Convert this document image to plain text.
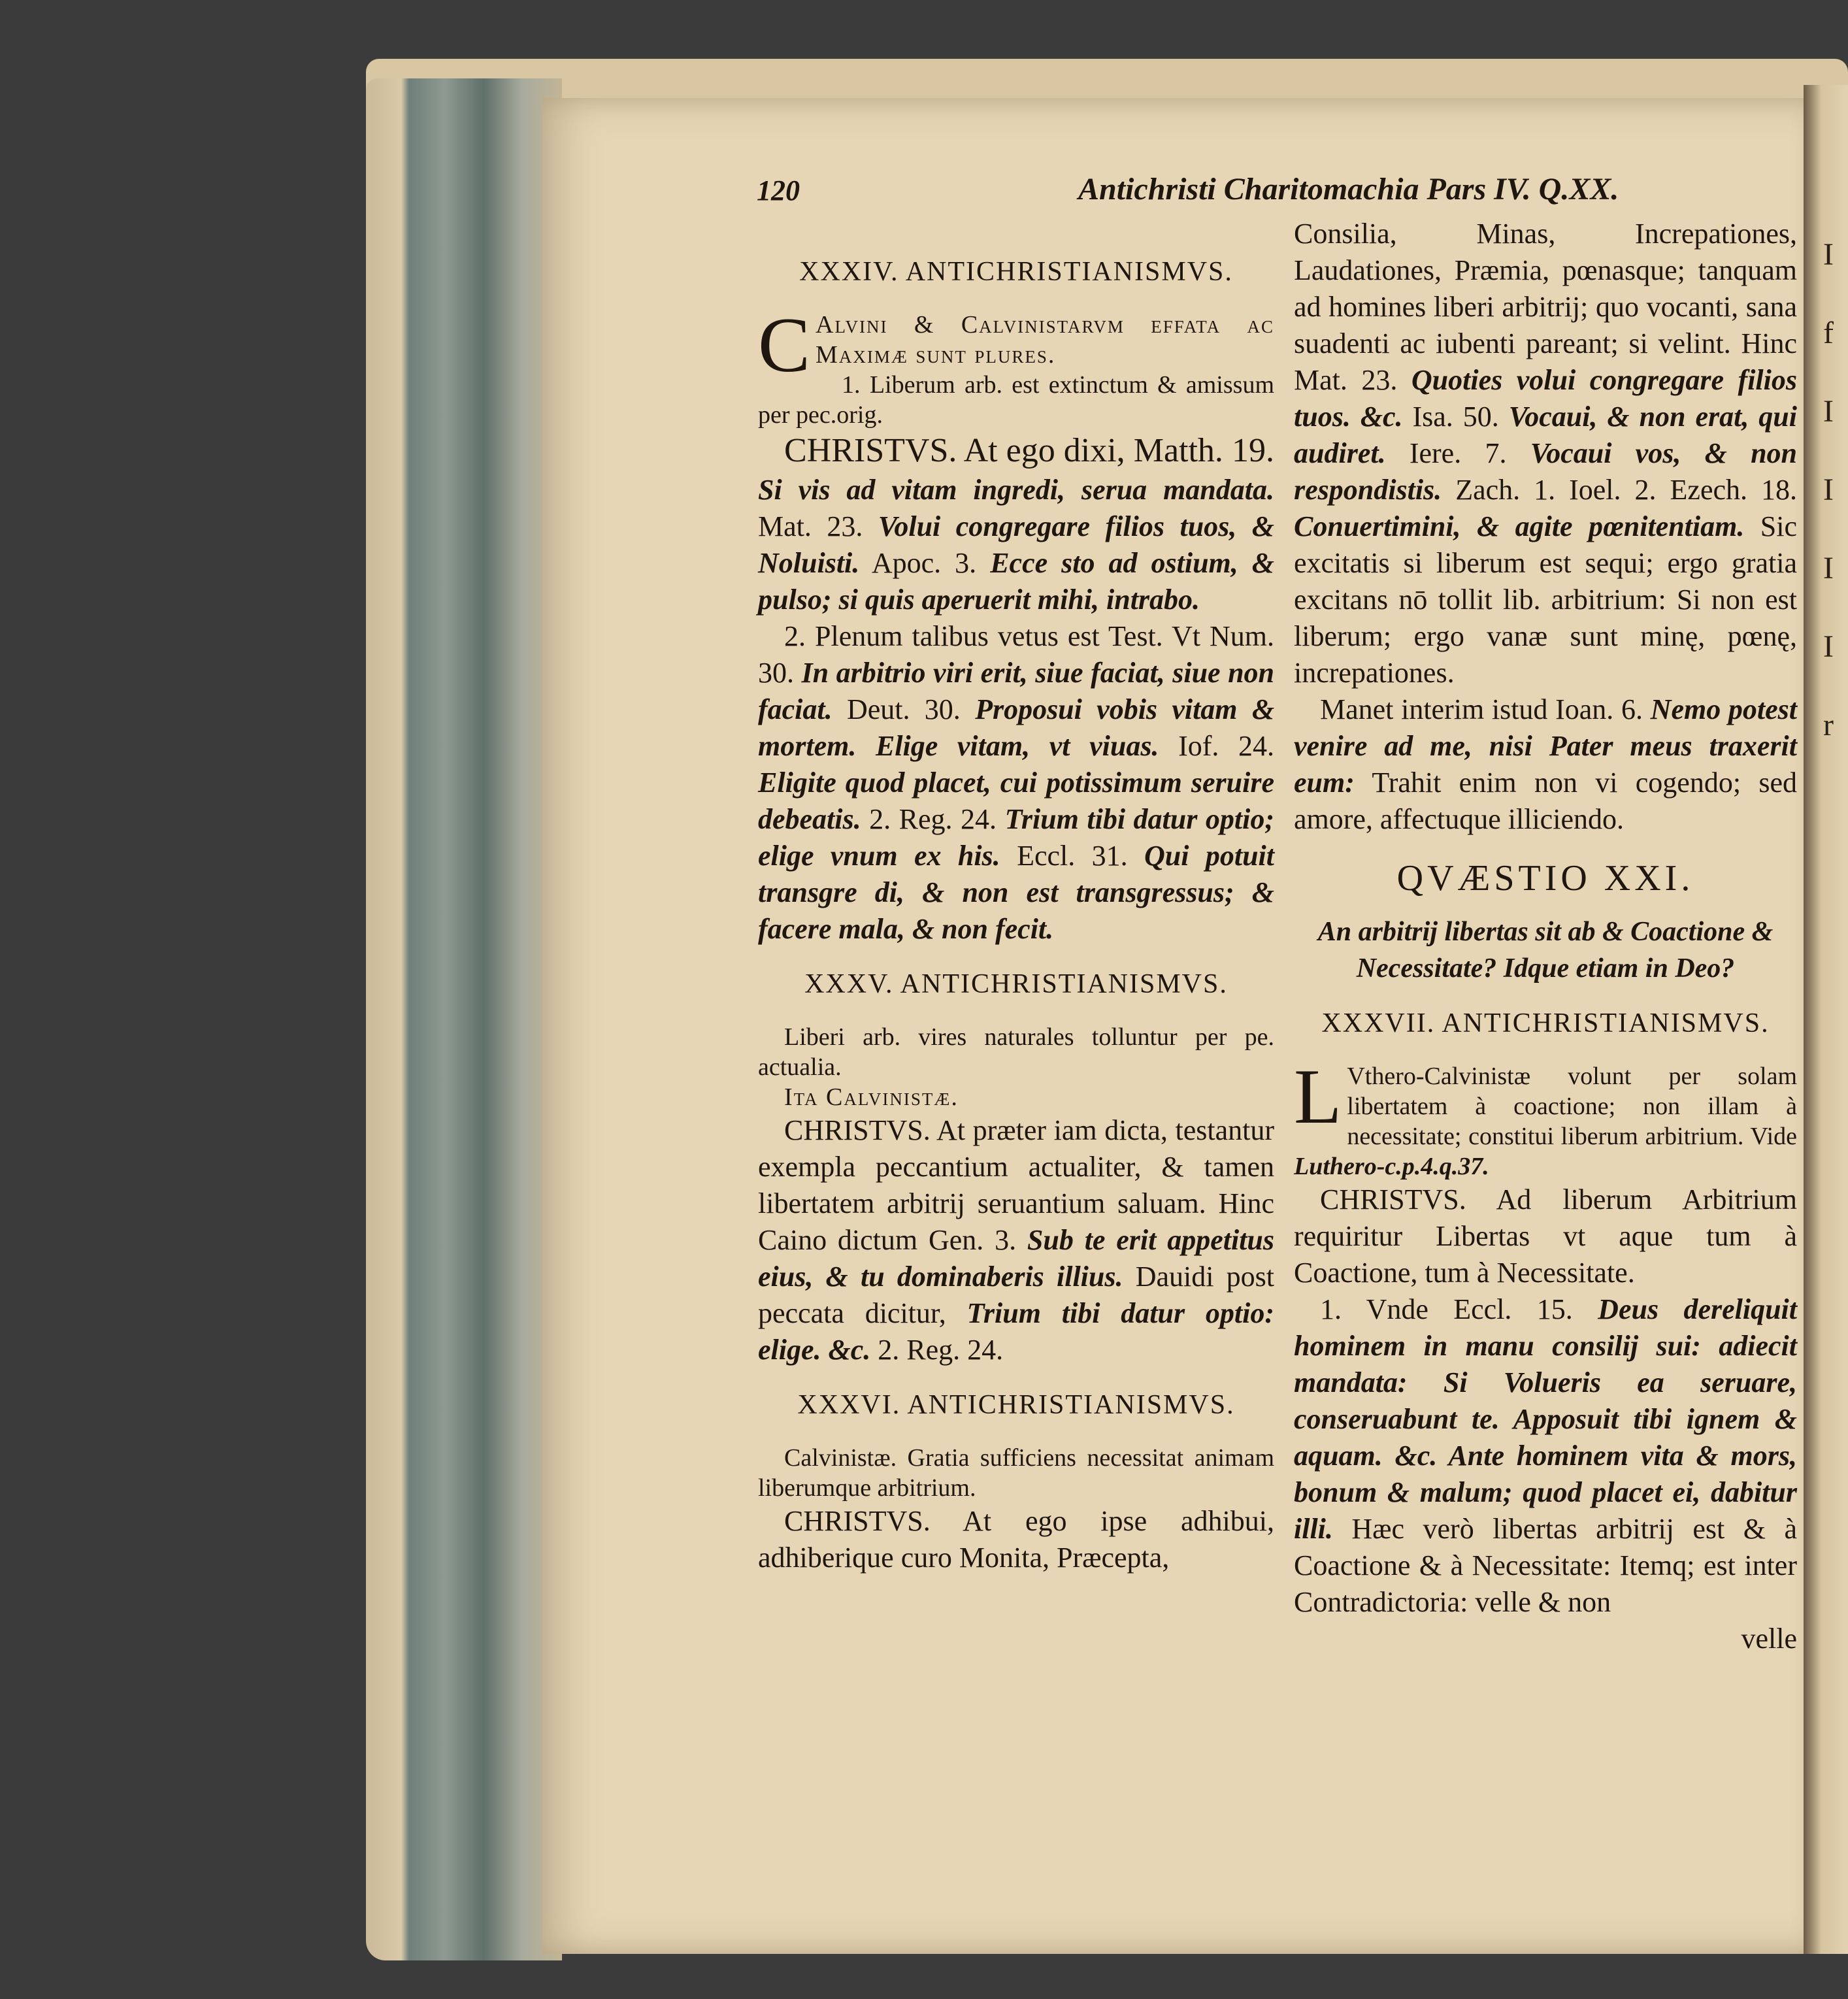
I f I I I I r
120	Antichristi Charitomachia Pars IV. Q.XX.
XXXIV. ANTICHRISTIANISMVS.

C Alvini & Calvinistarvm effata ac Maximæ sunt plures.

1. Liberum arb. est extinctum & amissum per pec.orig.

CHRISTVS. At ego dixi, Matth. 19. Si vis ad vitam ingredi, serua mandata. Mat. 23. Volui congregare filios tuos, & Noluisti. Apoc. 3. Ecce sto ad ostium, & pulso; si quis aperuerit mihi, intrabo.

2. Plenum talibus vetus est Test. Vt Num. 30. In arbitrio viri erit, siue faciat, siue non faciat. Deut. 30. Proposui vobis vitam & mortem. Elige vitam, vt viuas. Iof. 24. Eligite quod placet, cui potissimum seruire debeatis. 2. Reg. 24. Trium tibi datur optio; elige vnum ex his. Eccl. 31. Qui potuit transgre di, & non est transgressus; & facere mala, & non fecit.

XXXV. ANTICHRISTIANISMVS.

Liberi arb. vires naturales tolluntur per pe. actualia.

Ita Calvinistæ.

CHRISTVS. At præter iam dicta, testantur exempla peccantium actualiter, & tamen libertatem arbitrij seruantium saluam. Hinc Caino dictum Gen. 3. Sub te erit appetitus eius, & tu dominaberis illius. Dauidi post peccata dicitur, Trium tibi datur optio: elige. &c. 2. Reg. 24.

XXXVI. ANTICHRISTIANISMVS.

Calvinistæ. Gratia sufficiens necessitat animam liberumque arbitrium.

CHRISTVS. At ego ipse adhibui, adhiberique curo Monita, Præcepta,

Consilia, Minas, Increpationes, Laudationes, Præmia, pœnasque; tanquam ad homines liberi arbitrij; quo vocanti, sana suadenti ac iubenti pareant; si velint. Hinc Mat. 23. Quoties volui congregare filios tuos. &c. Isa. 50. Vocaui, & non erat, qui audiret. Iere. 7. Vocaui vos, & non respondistis. Zach. 1. Ioel. 2. Ezech. 18. Conuertimini, & agite pœnitentiam. Sic excitatis si liberum est sequi; ergo gratia excitans nō tollit lib. arbitrium: Si non est liberum; ergo vanæ sunt minę, pœnę, increpationes.

Manet interim istud Ioan. 6. Nemo potest venire ad me, nisi Pater meus traxerit eum: Trahit enim non vi cogendo; sed amore, affectuque illiciendo.

QVÆSTIO XXI.
An arbitrij libertas sit ab & Coactione & Necessitate? Idque etiam in Deo?
XXXVII. ANTICHRISTIANISMVS.

L Vthero-Calvinistæ volunt per solam libertatem à coactione; non illam à necessitate; constitui liberum arbitrium. Vide Luthero-c.p.4.q.37.

CHRISTVS. Ad liberum Arbitrium requiritur Libertas vt aque tum à Coactione, tum à Necessitate.

1. Vnde Eccl. 15. Deus dereliquit hominem in manu consilij sui: adiecit mandata: Si Volueris ea seruare, conseruabunt te. Apposuit tibi ignem & aquam. &c. Ante hominem vita & mors, bonum & malum; quod placet ei, dabitur illi. Hæc verò libertas arbitrij est & à Coactione & à Necessitate: Itemq; est inter Contradictoria: velle & non

velle
